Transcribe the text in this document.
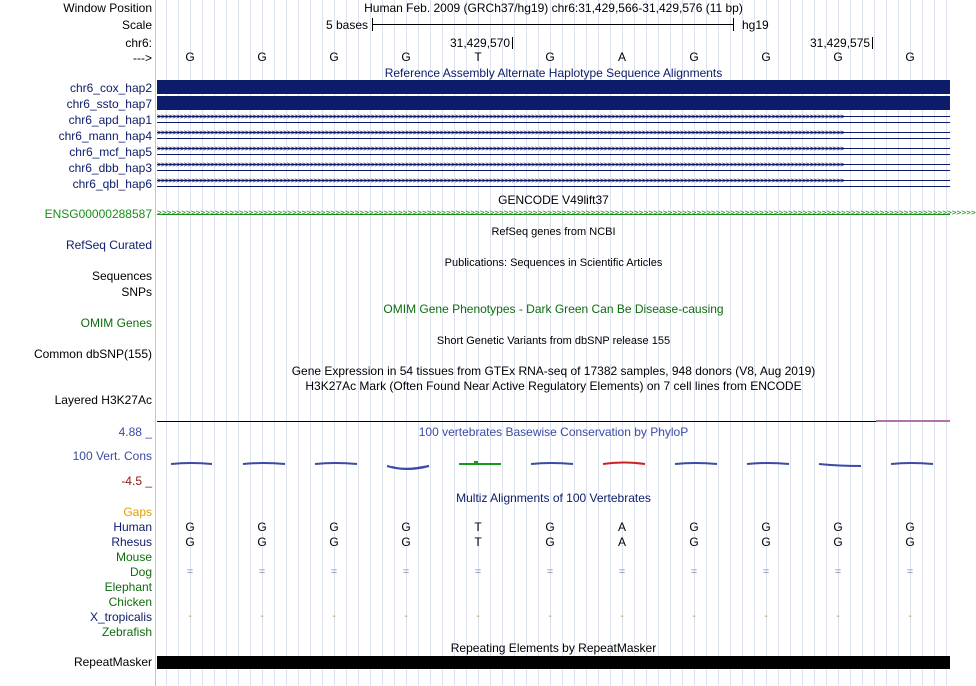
Window Position	Human Feb. 2009 (GRCh37/hg19) chr6:31,429,566-31,429,576 (11 bp)
Scale	5 bases	hg19
chr6:	31,429,570	31,429,575
--->	G	G	G	G	T	G	A	G	G	G	G
Reference Assembly Alternate Haplotype Sequence Alignments
chr6_cox_hap2
chr6_ssto_hap7
chr6_apd_hap1
chr6_mann_hap4
chr6_mcf_hap5
chr6_dbb_hap3
chr6_qbl_hap6
>>>>>>>>>>>>>>>>>>>>>>>>>>>>>>>>>>>>>>>>>>>>>>>>>>>>>>>>>>>>>>>>>>>>>>>>>>>>>>>>>>>>>>>>>>>>>>>>>>>>>>>>>>>>>>>>>>>>>>>>>>>>>>>>>>>>>>>>>>>>>>>>>>>>>>>>>>>>>>>>>>>>>>>>>>>>>>>>>>>>
>>>>>>>>>>>>>>>>>>>>>>>>>>>>>>>>>>>>>>>>>>>>>>>>>>>>>>>>>>>>>>>>>>>>>>>>>>>>>>>>>>>>>>>>>>>>>>>>>>>>>>>>>>>>>>>>>>>>>>>>>>>>>>>>>>>>>>>>>>>>>>>>>>>>>>>>>>>>>>>>>>>>>>>>>>>>>>>>>>>>
>>>>>>>>>>>>>>>>>>>>>>>>>>>>>>>>>>>>>>>>>>>>>>>>>>>>>>>>>>>>>>>>>>>>>>>>>>>>>>>>>>>>>>>>>>>>>>>>>>>>>>>>>>>>>>>>>>>>>>>>>>>>>>>>>>>>>>>>>>>>>>>>>>>>>>>>>>>>>>>>>>>>>>>>>>>>>>>>>>>>
>>>>>>>>>>>>>>>>>>>>>>>>>>>>>>>>>>>>>>>>>>>>>>>>>>>>>>>>>>>>>>>>>>>>>>>>>>>>>>>>>>>>>>>>>>>>>>>>>>>>>>>>>>>>>>>>>>>>>>>>>>>>>>>>>>>>>>>>>>>>>>>>>>>>>>>>>>>>>>>>>>>>>>>>>>>>>>>>>>>>
>>>>>>>>>>>>>>>>>>>>>>>>>>>>>>>>>>>>>>>>>>>>>>>>>>>>>>>>>>>>>>>>>>>>>>>>>>>>>>>>>>>>>>>>>>>>>>>>>>>>>>>>>>>>>>>>>>>>>>>>>>>>>>>>>>>>>>>>>>>>>>>>>>>>>>>>>>>>>>>>>>>>>>>>>>>>>>>>>>>>
GENCODE V49lift37
ENSG00000288587 >>>>>>>>>>>>>>>>>>>>>>>>>>>>>>>>>>>>>>>>>>>>>>>>>>>>>>>>>>>>>>>>>>>>>>>>>>>>>>>>>>>>>>>>>>>>>>>>>>>>>>>>>>>>>>>>>>>>>>>>>>>>>>>>>>>>>>>>>>>>>>>>>>>>>>>>>>>>>>>>>>>>>>>>>>
RefSeq genes from NCBI
RefSeq Curated
Publications: Sequences in Scientific Articles
Sequences
SNPs
OMIM Gene Phenotypes - Dark Green Can Be Disease-causing
OMIM Genes
Short Genetic Variants from dbSNP release 155
Common dbSNP(155)
Gene Expression in 54 tissues from GTEx RNA-seq of 17382 samples, 948 donors (V8, Aug 2019)
H3K27Ac Mark (Often Found Near Active Regulatory Elements) on 7 cell lines from ENCODE
Layered H3K27Ac
100 vertebrates Basewise Conservation by PhyloP
4.88 _
100 Vert. Cons
-4.5 _
Multiz Alignments of 100 Vertebrates
Gaps
Human	G	G	G	G	T	G	A	G	G	G	G
Rhesus	G	G	G	G	T	G	A	G	G	G	G
Mouse
Dog	=	=	=	=	=	=	=	=	=	=	=
Elephant
Chicken
X_tropicalis	-	-	-	-	-	-	-	-	-	-	-
Zebrafish
Repeating Elements by RepeatMasker
RepeatMasker
